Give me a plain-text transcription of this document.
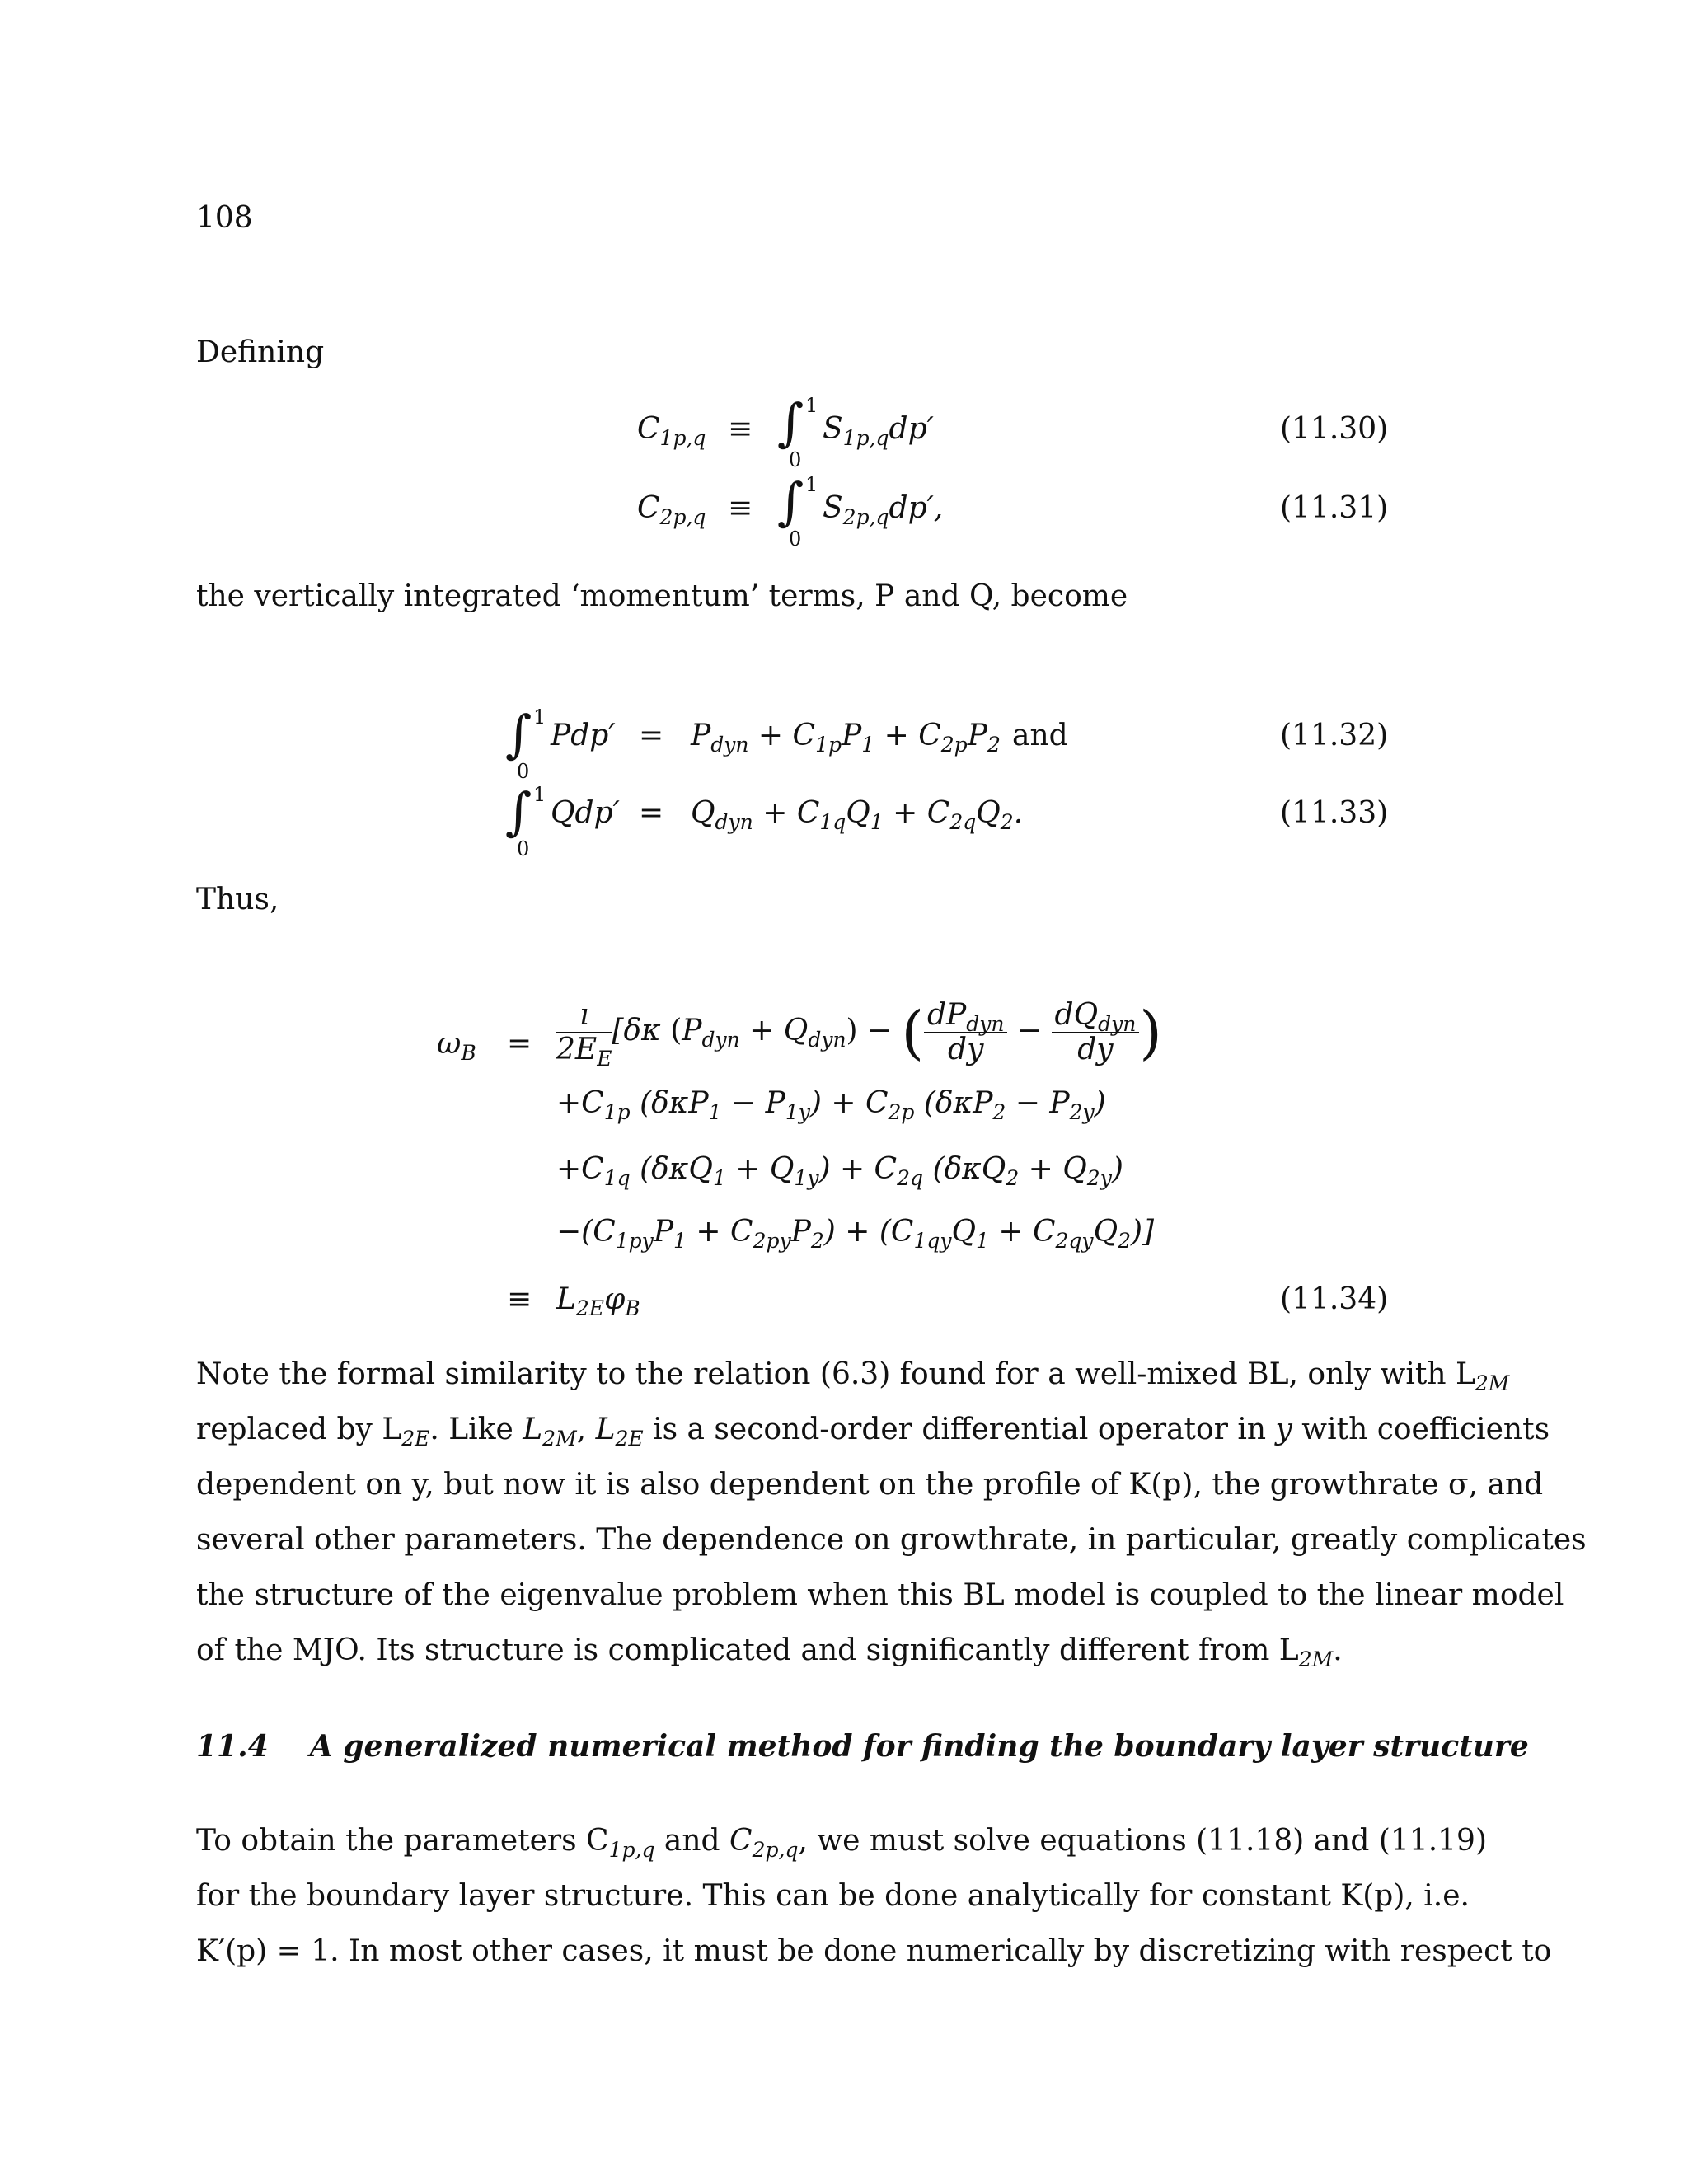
108
Defining
$C_{1p,q}$ ≡ ∫ 1
0
$S_{1p,q}dp'$	(11.30)
$C_{2p,q}$ ≡ ∫ 1
0
$S_{2p,q}dp'$,	(11.31)
the vertically integrated ‘momentum’ terms, P and Q, become
∫ 1
0
$Pdp' = P_{dyn} + C_{1p}P_1 + C_{2p}P_2$ and	(11.32)
∫ 1
0
$Qdp' = Q_{dyn} + C_{1q}Q_1 + C_{2q}Q_2$.	(11.33)
Thus,
$\omega_B = \frac{ı}{2E_E} [\delta\kappa$ $(P_{dyn} + Q_{dyn})$ − ( $\frac{dP_{dyn}}{dy} - \frac{dQ_{dyn}}{dy}$ )
$+C_{1p}$ $(\delta\kappa P_1 - P_{1y}) + C_{2p}$ $(\delta\kappa P_2 - P_{2y})$
$+C_{1q}$ $(\delta\kappa Q_1 + Q_{1y}) + C_{2q}$ $(\delta\kappa Q_2 + Q_{2y})$
$-(C_{1py}P_1 + C_{2py}P_2) + (C_{1qy}Q_1 + C_{2qy}Q_2)$]
≡ $L_{2E}\varphi_B$	(11.34)
Note the formal similarity to the relation (6.3) found for a well-mixed BL, only with $L_{2M}$
replaced by $L_{2E}$. Like $L_{2M}$, $L_{2E}$ is a second-order differential operator in y with coefficients
dependent on y, but now it is also dependent on the profile of K(p), the growthrate σ, and
several other parameters. The dependence on growthrate, in particular, greatly complicates
the structure of the eigenvalue problem when this BL model is coupled to the linear model
of the MJO. Its structure is complicated and significantly different from $L_{2M}$.
11.4    A generalized numerical method for finding the boundary layer structure
To obtain the parameters $C_{1p,q}$ and $C_{2p,q}$, we must solve equations (11.18) and (11.19)
for the boundary layer structure. This can be done analytically for constant K(p), i.e.
K′(p) = 1. In most other cases, it must be done numerically by discretizing with respect to
